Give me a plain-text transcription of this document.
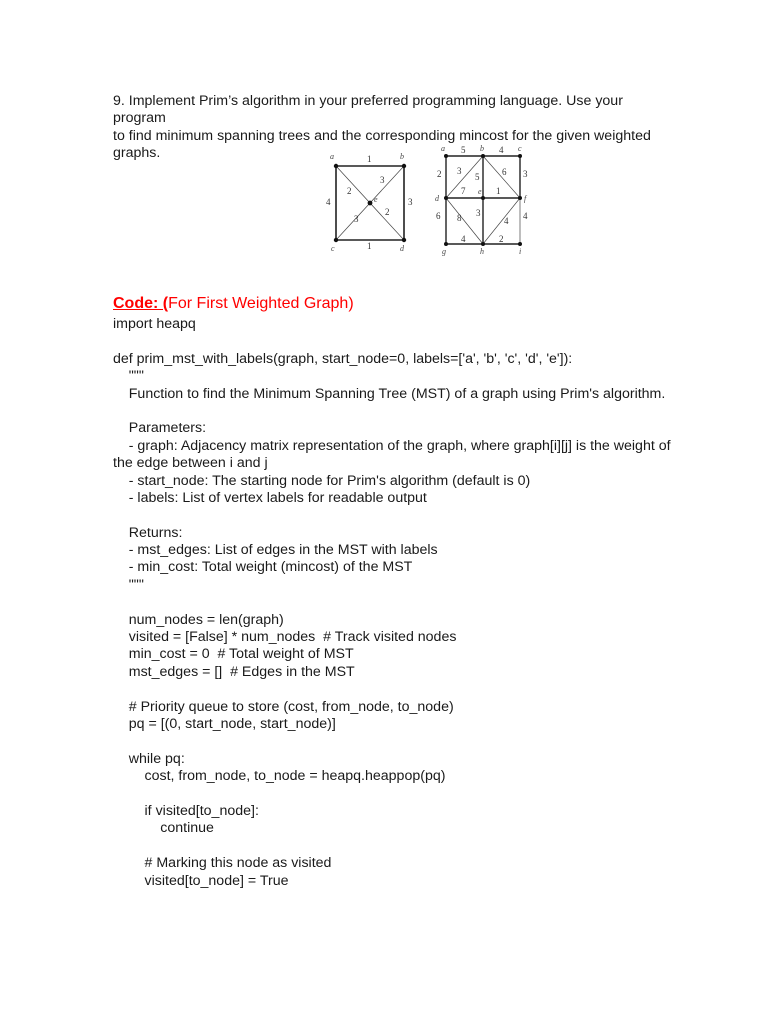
9. Implement Prim’s algorithm in your preferred programming language. Use your program

to find minimum spanning trees and the corresponding mincost for the given weighted

graphs.	a	b
c	d
e
1
4	3
1
2
3
3
2
a	b	c
d
e
f
g	h	i
5	4
2 3	3
5	6
7	1
6 8 3
4 4
4	2
Code: (For First Weighted Graph)
import heapq
def prim_mst_with_labels(graph, start_node=0, labels=['a', 'b', 'c', 'd', 'e']):
"""
Function to find the Minimum Spanning Tree (MST) of a graph using Prim's algorithm.
Parameters:
- graph: Adjacency matrix representation of the graph, where graph[i][j] is the weight of
the edge between i and j
- start_node: The starting node for Prim's algorithm (default is 0)
- labels: List of vertex labels for readable output
Returns:
- mst_edges: List of edges in the MST with labels
- min_cost: Total weight (mincost) of the MST
"""
num_nodes = len(graph)
visited = [False] * num_nodes  # Track visited nodes
min_cost = 0  # Total weight of MST
mst_edges = []  # Edges in the MST
# Priority queue to store (cost, from_node, to_node)
pq = [(0, start_node, start_node)]
while pq:
cost, from_node, to_node = heapq.heappop(pq)
if visited[to_node]:
continue
# Marking this node as visited
visited[to_node] = True
